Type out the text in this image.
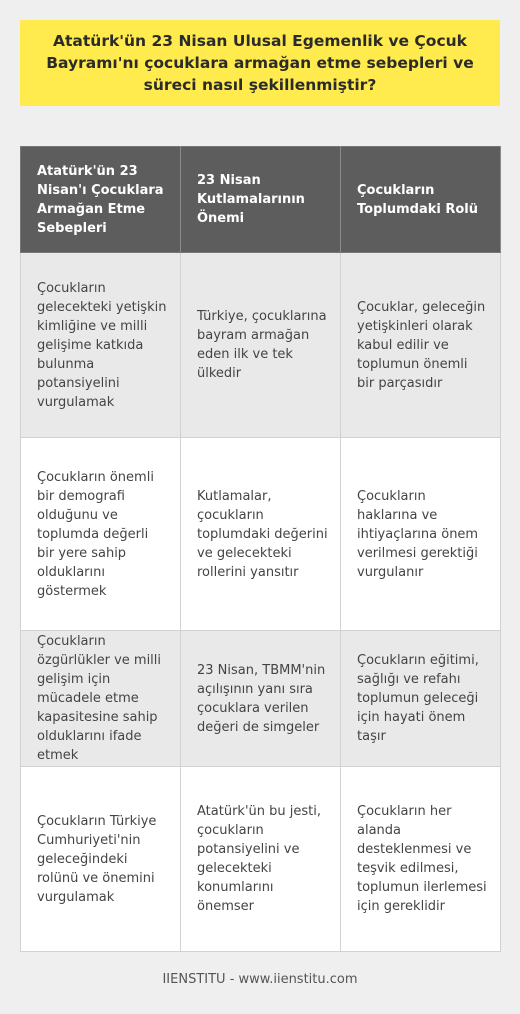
Atatürk'ün 23 Nisan Ulusal Egemenlik ve Çocuk Bayramı'nı çocuklara armağan etme sebepleri ve süreci nasıl şekillenmiştir?
Atatürk'ün 23 Nisan'ı Çocuklara Armağan Etme Sebepleri	23 Nisan Kutlamalarının Önemi	Çocukların Toplumdaki Rolü
Çocukların gelecekteki yetişkin kimliğine ve milli gelişime katkıda bulunma potansiyelini vurgulamak	Türkiye, çocuklarına bayram armağan eden ilk ve tek ülkedir	Çocuklar, geleceğin yetişkinleri olarak kabul edilir ve toplumun önemli bir parçasıdır
Çocukların önemli bir demografi olduğunu ve toplumda değerli bir yere sahip olduklarını göstermek	Kutlamalar, çocukların toplumdaki değerini ve gelecekteki rollerini yansıtır	Çocukların haklarına ve ihtiyaçlarına önem verilmesi gerektiği vurgulanır
Çocukların özgürlükler ve milli gelişim için mücadele etme kapasitesine sahip olduklarını ifade etmek	23 Nisan, TBMM'nin açılışının yanı sıra çocuklara verilen değeri de simgeler	Çocukların eğitimi, sağlığı ve refahı toplumun geleceği için hayati önem taşır
Çocukların Türkiye Cumhuriyeti'nin geleceğindeki rolünü ve önemini vurgulamak	Atatürk'ün bu jesti, çocukların potansiyelini ve gelecekteki konumlarını önemser	Çocukların her alanda desteklenmesi ve teşvik edilmesi, toplumun ilerlemesi için gereklidir
IIENSTITU - www.iienstitu.com
